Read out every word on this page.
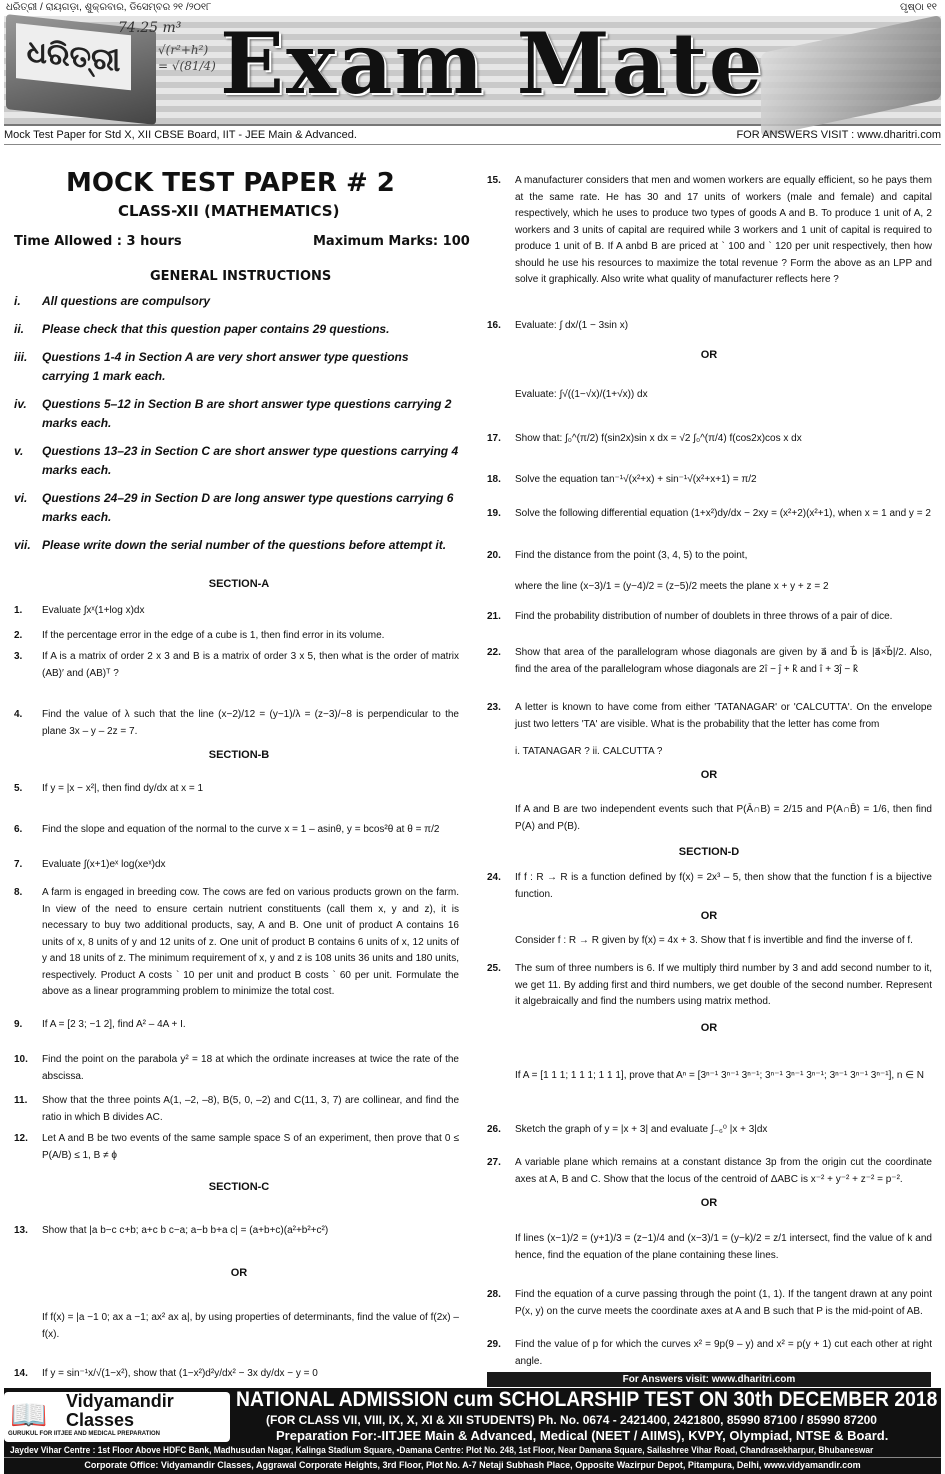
ଧରିତ୍ରୀ
74.25 m³
√(r²+h²) = √(81/4) Exam Mate
ଧରିତ୍ରୀ / ରାୟଗଡ଼ା, ଶୁକ୍ରବାର, ଡିସେମ୍ବର ୨୧ /୨୦୧୮	ପୃଷ୍ଠା ୧୧
Mock Test Paper for Std X, XII CBSE Board, IIT - JEE Main & Advanced.	FOR ANSWERS VISIT : www.dharitri.com
MOCK TEST PAPER # 2
CLASS-XII (MATHEMATICS)
Time Allowed : 3 hours	Maximum Marks: 100
GENERAL INSTRUCTIONS
i. All questions are compulsory
ii. Please check that this question paper contains 29 questions.
iii. Questions 1-4 in Section A are very short answer type questions carrying 1 mark each.
iv. Questions 5–12 in Section B are short answer type questions carrying 2 marks each.
v. Questions 13–23 in Section C are short answer type questions carrying 4 marks each.
vi. Questions 24–29 in Section D are long answer type questions carrying 6 marks each.
vii. Please write down the serial number of the questions before attempt it.
SECTION-A
SECTION-B
SECTION-C
SECTION-D
OR
OR
OR
OR
OR
OR
1. Evaluate ∫xˣ(1+log x)dx
2. If the percentage error in the edge of a cube is 1, then find error in its volume.
3. If A is a matrix of order 2 x 3 and B is a matrix of order 3 x 5, then what is the order of matrix (AB)′ and (AB)ᵀ ?
4. Find the value of λ such that the line (x−2)/12 = (y−1)/λ = (z−3)/−8 is perpendicular to the plane 3x – y – 2z = 7.
5. If y = |x − x²|, then find dy/dx at x = 1
6. Find the slope and equation of the normal to the curve x = 1 – asinθ, y = bcos²θ at θ = π/2
7. Evaluate ∫(x+1)eˣ log(xeˣ)dx
8. A farm is engaged in breeding cow. The cows are fed on various products grown on the farm. In view of the need to ensure certain nutrient constituents (call them x, y and z), it is necessary to buy two additional products, say, A and B. One unit of product A contains 16 units of x, 8 units of y and 12 units of z. One unit of product B contains 6 units of x, 12 units of y and 18 units of z. The minimum requirement of x, y and z is 108 units 36 units and 180 units, respectively. Product A costs ` 10 per unit and product B costs ` 60 per unit. Formulate the above as a linear programming problem to minimize the total cost.
9. If A = [2 3; −1 2], find A² – 4A + I.
10. Find the point on the parabola y² = 18 at which the ordinate increases at twice the rate of the abscissa.
11. Show that the three points A(1, –2, –8), B(5, 0, –2) and C(11, 3, 7) are collinear, and find the ratio in which B divides AC.
12. Let A and B be two events of the same sample space S of an experiment, then prove that 0 ≤ P(A/B) ≤ 1, B ≠ ϕ
13. Show that |a b−c c+b; a+c b c−a; a−b b+a c| = (a+b+c)(a²+b²+c²)
If f(x) = |a −1 0; ax a −1; ax² ax a|, by using properties of determinants, find the value of f(2x) – f(x).
14. If y = sin⁻¹x/√(1−x²), show that (1−x²)d²y/dx² − 3x dy/dx − y = 0
15. A manufacturer considers that men and women workers are equally efficient, so he pays them at the same rate. He has 30 and 17 units of workers (male and female) and capital respectively, which he uses to produce two types of goods A and B. To produce 1 unit of A, 2 workers and 3 units of capital are required while 3 workers and 1 unit of capital is required to produce 1 unit of B. If A anbd B are priced at ` 100 and ` 120 per unit respectively, then how should he use his resources to maximize the total revenue ? Form the above as an LPP and solve it graphically. Also write what quality of manufacturer reflects here ?
16. Evaluate: ∫ dx/(1 − 3sin x)
Evaluate: ∫√((1−√x)/(1+√x)) dx
17. Show that: ∫₀^(π/2) f(sin2x)sin x dx = √2 ∫₀^(π/4) f(cos2x)cos x dx
18. Solve the equation tan⁻¹√(x²+x) + sin⁻¹√(x²+x+1) = π/2
19. Solve the following differential equation (1+x²)dy/dx − 2xy = (x²+2)(x²+1), when x = 1 and y = 2
20. Find the distance from the point (3, 4, 5) to the point,
where the line (x−3)/1 = (y−4)/2 = (z−5)/2 meets the plane x + y + z = 2
21. Find the probability distribution of number of doublets in three throws of a pair of dice.
22. Show that area of the parallelogram whose diagonals are given by a⃗ and b⃗ is |a⃗×b⃗|/2. Also, find the area of the parallelogram whose diagonals are 2î − ĵ + k̂ and î + 3ĵ − k̂
23. A letter is known to have come from either 'TATANAGAR' or 'CALCUTTA'. On the envelope just two letters 'TA' are visible. What is the probability that the letter has come from
i. TATANAGAR ? ii. CALCUTTA ?
If A and B are two independent events such that P(Ā∩B) = 2/15 and P(A∩B̄) = 1/6, then find P(A) and P(B).
24. If f : R → R is a function defined by f(x) = 2x³ – 5, then show that the function f is a bijective function.
Consider f : R → R given by f(x) = 4x + 3. Show that f is invertible and find the inverse of f.
25. The sum of three numbers is 6. If we multiply third number by 3 and add second number to it, we get 11. By adding first and third numbers, we get double of the second number. Represent it algebraically and find the numbers using matrix method.
If A = [1 1 1; 1 1 1; 1 1 1], prove that Aⁿ = [3ⁿ⁻¹ 3ⁿ⁻¹ 3ⁿ⁻¹; 3ⁿ⁻¹ 3ⁿ⁻¹ 3ⁿ⁻¹; 3ⁿ⁻¹ 3ⁿ⁻¹ 3ⁿ⁻¹], n ∈ N
26. Sketch the graph of y = |x + 3| and evaluate ∫₋₆⁰ |x + 3|dx
27. A variable plane which remains at a constant distance 3p from the origin cut the coordinate axes at A, B and C. Show that the locus of the centroid of ΔABC is x⁻² + y⁻² + z⁻² = p⁻².
If lines (x−1)/2 = (y+1)/3 = (z−1)/4 and (x−3)/1 = (y−k)/2 = z/1 intersect, find the value of k and hence, find the equation of the plane containing these lines.
28. Find the equation of a curve passing through the point (1, 1). If the tangent drawn at any point P(x, y) on the curve meets the coordinate axes at A and B such that P is the mid-point of AB.
29. Find the value of p for which the curves x² = 9p(9 – y) and x² = p(y + 1) cut each other at right angle.
For Answers visit: www.dharitri.com
📖 Vidyamandir
Classes
GURUKUL FOR IITJEE AND MEDICAL PREPARATION
NATIONAL ADMISSION cum SCHOLARSHIP TEST ON 30th DECEMBER 2018
(FOR CLASS VII, VIII, IX, X, XI & XII STUDENTS) Ph. No. 0674 - 2421400, 2421800, 85990 87100 / 85990 87200
Preparation For:-IITJEE Main & Advanced, Medical (NEET / AIIMS), KVPY, Olympiad, NTSE & Board.
Jaydev Vihar Centre : 1st Floor Above HDFC Bank, Madhusudan Nagar, Kalinga Stadium Square, •Damana Centre: Plot No. 248, 1st Floor, Near Damana Square, Sailashree Vihar Road, Chandrasekharpur, Bhubaneswar
Corporate Office: Vidyamandir Classes, Aggrawal Corporate Heights, 3rd Floor, Plot No. A-7 Netaji Subhash Place, Opposite Wazirpur Depot, Pitampura, Delhi, www.vidyamandir.com
